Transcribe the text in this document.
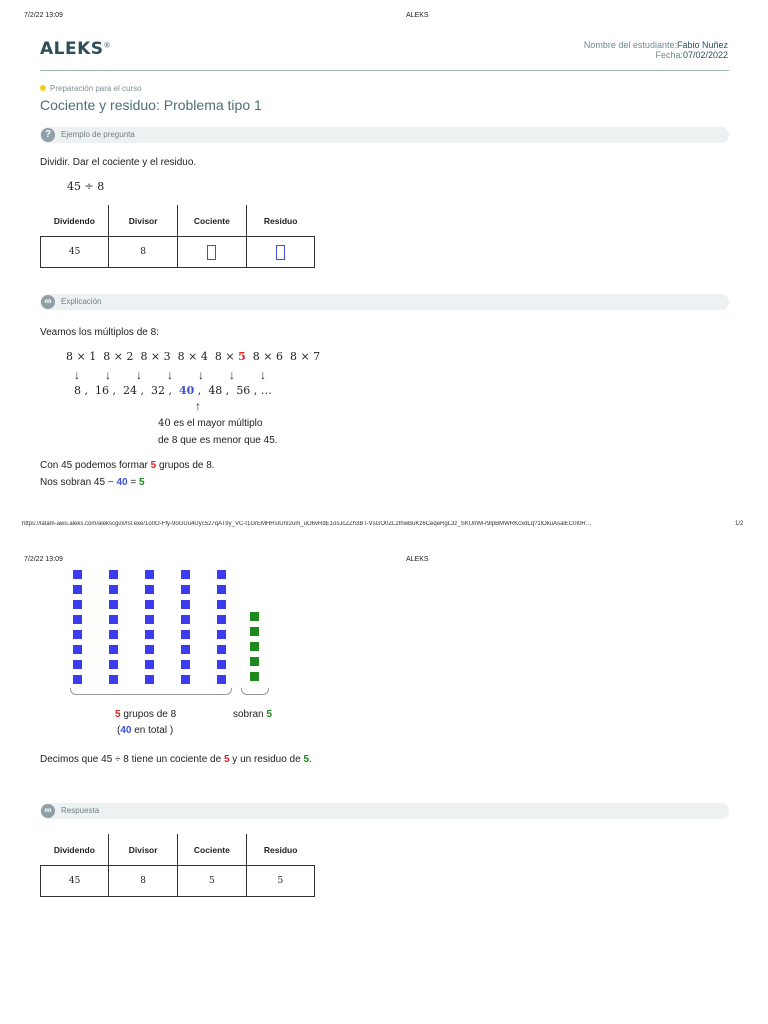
7/2/22 13:09	ALEKS
ALEKS®	Nombre del estudiante:Fabio Nuñez
Fecha:07/02/2022
Preparación para el curso
Cociente y residuo: Problema tipo 1
?	Ejemplo de pregunta
Dividir. Dar el cociente y el residuo.
45 ÷ 8
Dividendo	Divisor	Cociente	Residuo
45	8		
∞	Explicación
Veamos los múltiplos de 8:
8 × 1 8 × 2 8 × 3 8 × 4  8 × 5 8 × 6 8 × 7
↓ ↓ ↓ ↓ ↓ ↓ ↓
8 ,  16 ,  24 ,  32 ,  40 ,  48 ,  56 , …
↑
40 es el mayor múltiplo
de 8 que es menor que 45.
Con 45 podemos formar 5 grupos de 8.
Nos sobran 45 − 40 = 5
https://latam-awu.aleks.com/alekscgi/x/Isl.exe/1o0O-Ffy-9oGUu4Uyc527qAT9y_VC-I1GrEMHRsIUnI2um_uO6vRdE1osJcZZh3BT-VsGO0ZL2IhwBuKz6CeqeRgL3z_SKUmM-r9lpBMWRKcxdLq?1lOkuAsalEC0I0R…	1/2
7/2/22 13:09	ALEKS
5 grupos de 8
(40 en total )
sobran 5
Decimos que 45 ÷ 8 tiene un cociente de 5 y un residuo de 5.
∞	Respuesta
Dividendo	Divisor	Cociente	Residuo
45	8	5	5
